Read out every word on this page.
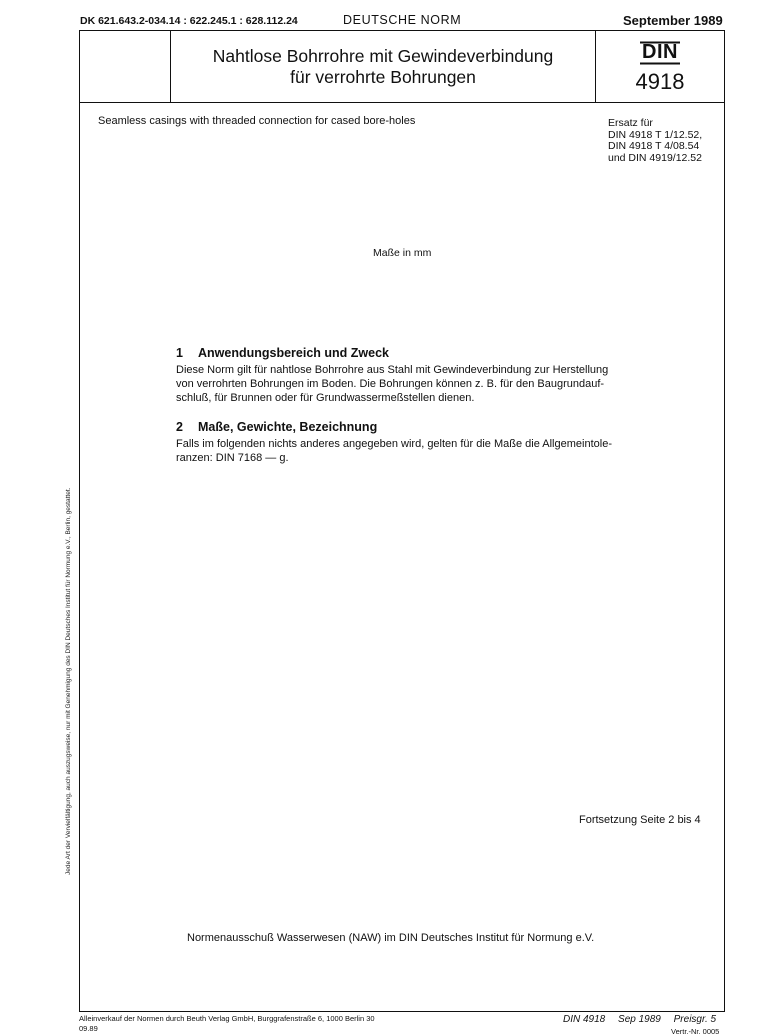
DK 621.643.2-034.14 : 622.245.1 : 628.112.24	DEUTSCHE NORM	September 1989
Nahtlose Bohrrohre mit Gewindeverbindung
für verrohrte Bohrungen
DIN
4918
Seamless casings with threaded connection for cased bore-holes	Ersatz für
DIN 4918 T 1/12.52,
DIN 4918 T 4/08.54
und DIN 4919/12.52
Maße in mm
1 Anwendungsbereich und Zweck
Diese Norm gilt für nahtlose Bohrrohre aus Stahl mit Gewindeverbindung zur Herstellung
von verrohrten Bohrungen im Boden. Die Bohrungen können z. B. für den Baugrundauf-
schluß, für Brunnen oder für Grundwassermeßstellen dienen.
2 Maße, Gewichte, Bezeichnung
Falls im folgenden nichts anderes angegeben wird, gelten für die Maße die Allgemeintole-
ranzen: DIN 7168 — g.
Fortsetzung Seite 2 bis 4
Normenausschuß Wasserwesen (NAW) im DIN Deutsches Institut für Normung e.V.
Jede Art der Vervielfältigung, auch auszugsweise, nur mit Genehmigung des DIN Deutsches Institut für Normung e.V., Berlin, gestattet.
Alleinverkauf der Normen durch Beuth Verlag GmbH, Burggrafenstraße 6, 1000 Berlin 30
09.89
DIN 4918 Sep 1989 Preisgr. 5
Vertr.-Nr. 0005
